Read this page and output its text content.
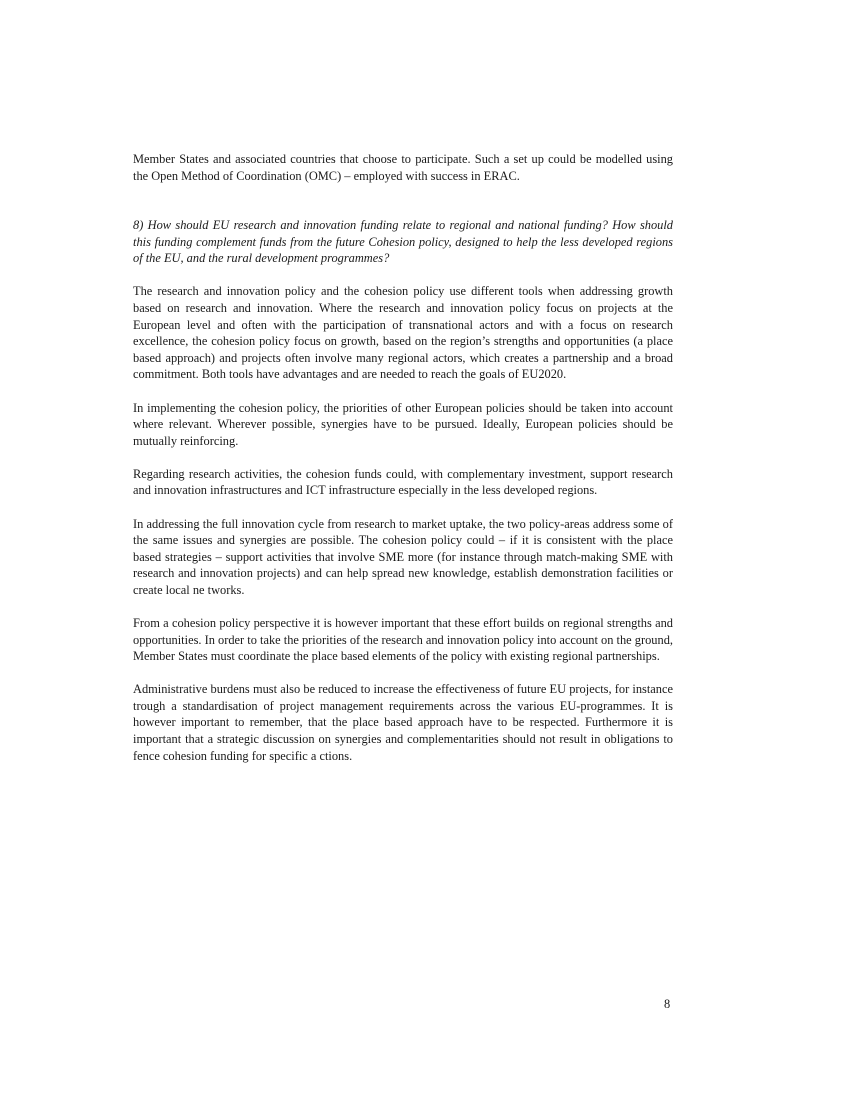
Member States and associated countries that choose to participate. Such a set up could be modelled using the Open Method of Coordination (OMC) – employed with success in ERAC.

8) How should EU research and innovation funding relate to regional and national funding? How should this funding complement funds from the future Cohesion policy, designed to help the less developed regions of the EU, and the rural development programmes?

The research and innovation policy and the cohesion policy use different tools when addressing growth based on research and innovation. Where the research and innovation policy focus on projects at the European level and often with the participation of transnational actors and with a focus on research excellence, the cohesion policy focus on growth, based on the region’s strengths and opportunities (a place based approach) and projects often involve many regional actors, which creates a partnership and a broad commitment. Both tools have advantages and are needed to reach the goals of EU2020.

In implementing the cohesion policy, the priorities of other European policies should be taken into account where relevant. Wherever possible, synergies have to be pursued. Ideally, European policies should be mutually reinforcing.

Regarding research activities, the cohesion funds could, with complementary investment, support research and innovation infrastructures and ICT infrastructure especially in the less developed regions.

In addressing the full innovation cycle from research to market uptake, the two policy-areas address some of the same issues and synergies are possible. The cohesion policy could – if it is consistent with the place based strategies – support activities that involve SME more (for instance through match-making SME with research and innovation projects) and can help spread new knowledge, establish demonstration facilities or create local ne tworks.

From a cohesion policy perspective it is however important that these effort builds on regional strengths and opportunities. In order to take the priorities of the research and innovation policy into account on the ground, Member States must coordinate the place based elements of the policy with existing regional partnerships.

Administrative burdens must also be reduced to increase the effectiveness of future EU projects, for instance trough a standardisation of project management requirements across the various EU-programmes. It is however important to remember, that the place based approach have to be respected. Furthermore it is important that a strategic discussion on synergies and complementarities should not result in obligations to fence cohesion funding for specific a ctions.

8
